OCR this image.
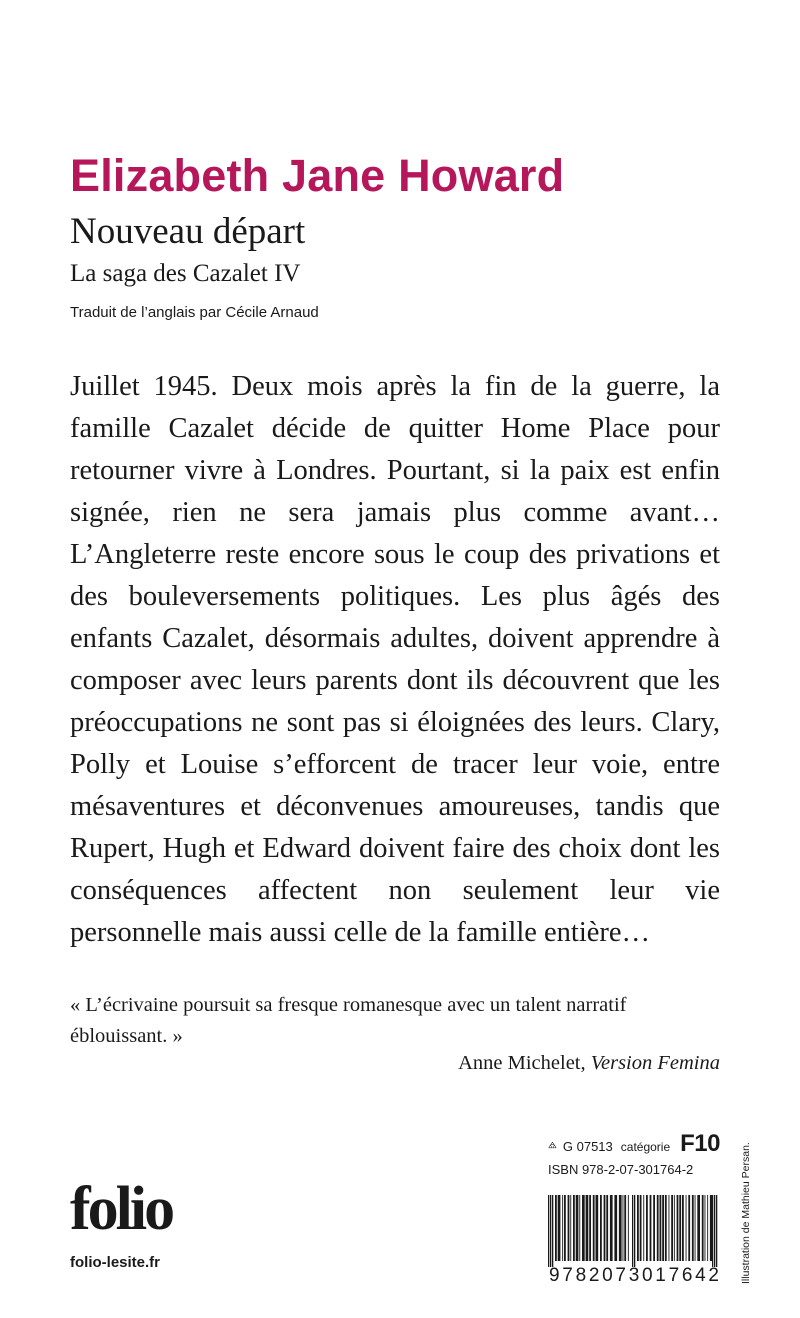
Elizabeth Jane Howard
Nouveau départ
La saga des Cazalet IV
Traduit de l’anglais par Cécile Arnaud

Juillet 1945. Deux mois après la fin de la guerre, la famille Cazalet décide de quitter Home Place pour retourner vivre à Londres. Pourtant, si la paix est enfin signée, rien ne sera jamais plus comme avant… L’Angleterre reste encore sous le coup des privations et des bouleversements politiques. Les plus âgés des enfants Cazalet, désormais adultes, doivent apprendre à composer avec leurs parents dont ils découvrent que les préoccupations ne sont pas si éloignées des leurs. Clary, Polly et Louise s’efforcent de tracer leur voie, entre mésaventures et déconvenues amoureuses, tandis que Rupert, Hugh et Edward doivent faire des choix dont les conséquences affectent non seulement leur vie personnelle mais aussi celle de la famille entière…

« L’écrivaine poursuit sa fresque romanesque avec un talent narratif éblouissant. »

Anne Michelet, Version Femina
G 07513 catégorie F10
ISBN 978-2-07-301764-2
9782073017642
folio
folio-lesite.fr	Illustration de Mathieu Persan.
